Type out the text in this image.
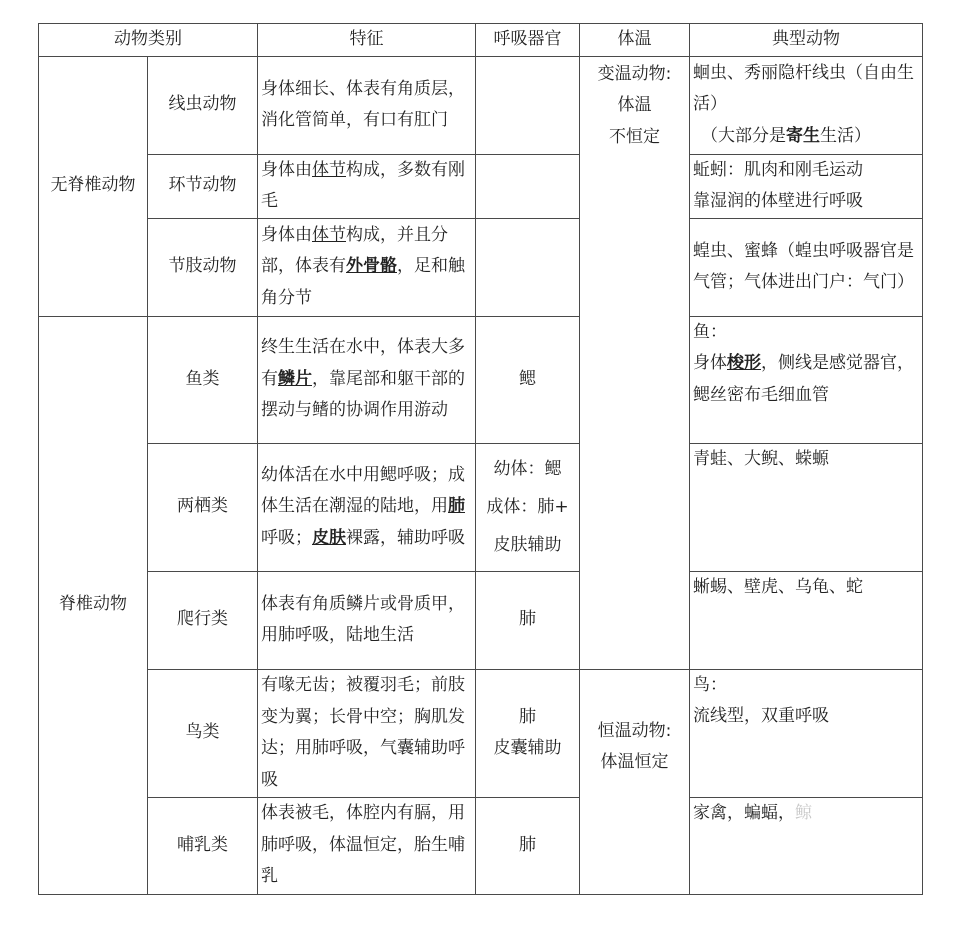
动物类别		特征	呼吸器官	体温	典型动物
无脊椎动物	线虫动物	身体细长、体表有角质层，消化管简单，有口有肛门		变温动物:
体温
不恒定	蛔虫、秀丽隐杆线虫（自由生活）
（大部分是寄生生活）

	环节动物	身体由体节构成，多数有刚毛			蚯蚓：肌肉和刚毛运动
靠湿润的体壁进行呼吸

	节肢动物	身体由体节构成，并且分部，体表有外骨骼，足和触角分节			蝗虫、蜜蜂（蝗虫呼吸器官是气管；气体进出门户：气门）
脊椎动物	鱼类	终生生活在水中，体表大多有鳞片，靠尾部和躯干部的摆动与鳍的协调作用游动	鳃		鱼：
身体梭形，侧线是感觉器官，鳃丝密布毛细血管

	两栖类	幼体活在水中用鳃呼吸；成体生活在潮湿的陆地，用肺呼吸；皮肤裸露，辅助呼吸	幼体：鳃
成体：肺+
皮肤辅助		青蛙、大鲵、蝾螈
	爬行类	体表有角质鳞片或骨质甲，用肺呼吸，陆地生活	肺		蜥蜴、壁虎、乌龟、蛇
	鸟类	有喙无齿；被覆羽毛；前肢变为翼；长骨中空；胸肌发达；用肺呼吸，气囊辅助呼吸	肺
皮囊辅助	恒温动物:
体温恒定	鸟：
流线型，双重呼吸

	哺乳类	体表被毛，体腔内有膈，用肺呼吸，体温恒定，胎生哺乳	肺		家禽，蝙蝠，鲸
